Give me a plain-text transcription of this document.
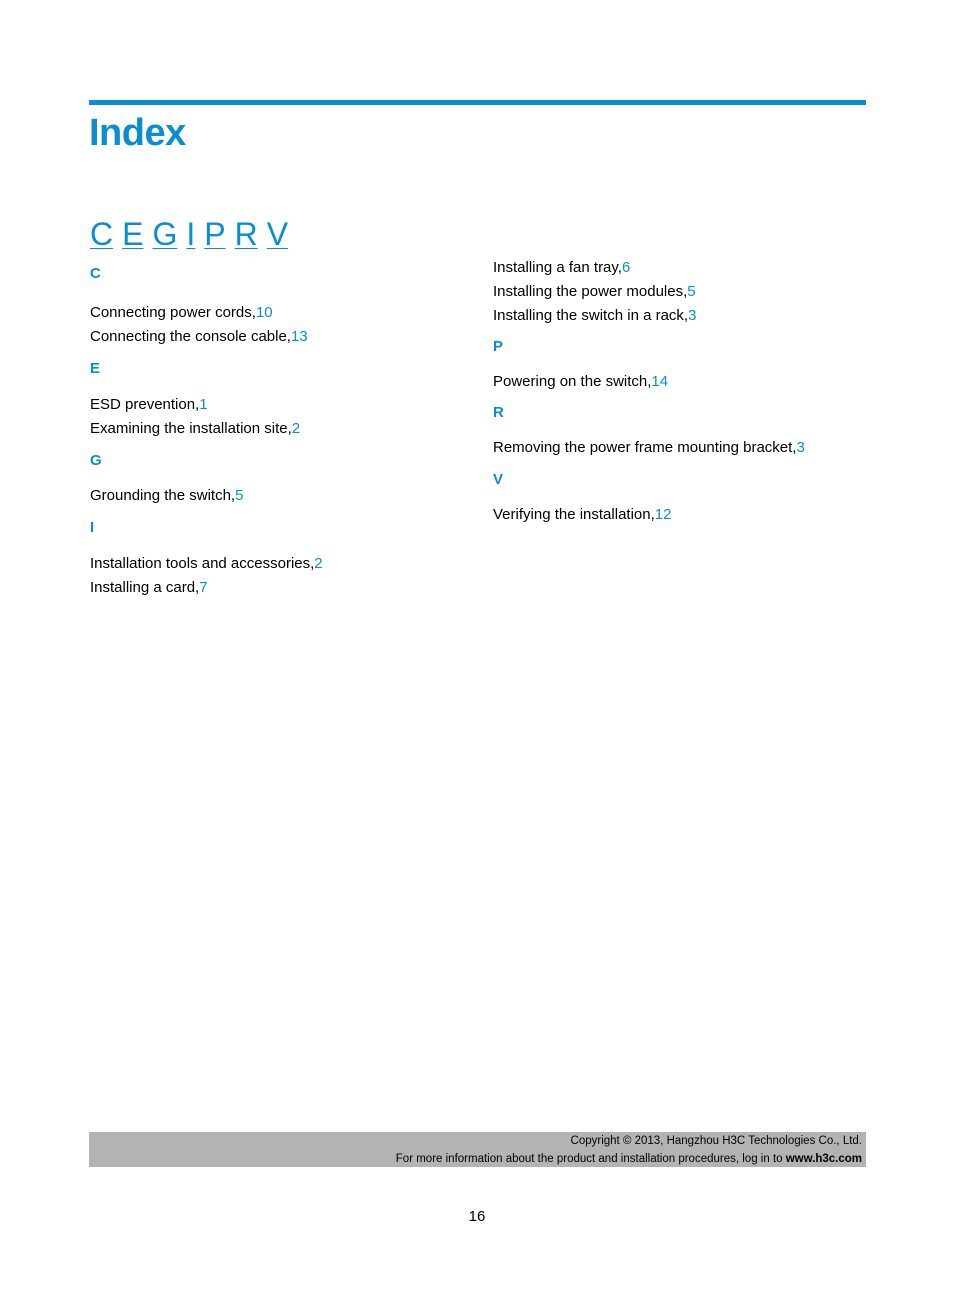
Index
C E G I P R V
C
Connecting power cords,10
Connecting the console cable,13
E
ESD prevention,1
Examining the installation site,2
G
Grounding the switch,5
I
Installation tools and accessories,2
Installing a card,7
Installing a fan tray,6
Installing the power modules,5
Installing the switch in a rack,3
P
Powering on the switch,14
R
Removing the power frame mounting bracket,3
V
Verifying the installation,12
Copyright © 2013, Hangzhou H3C Technologies Co., Ltd.
For more information about the product and installation procedures, log in to www.h3c.com
16
